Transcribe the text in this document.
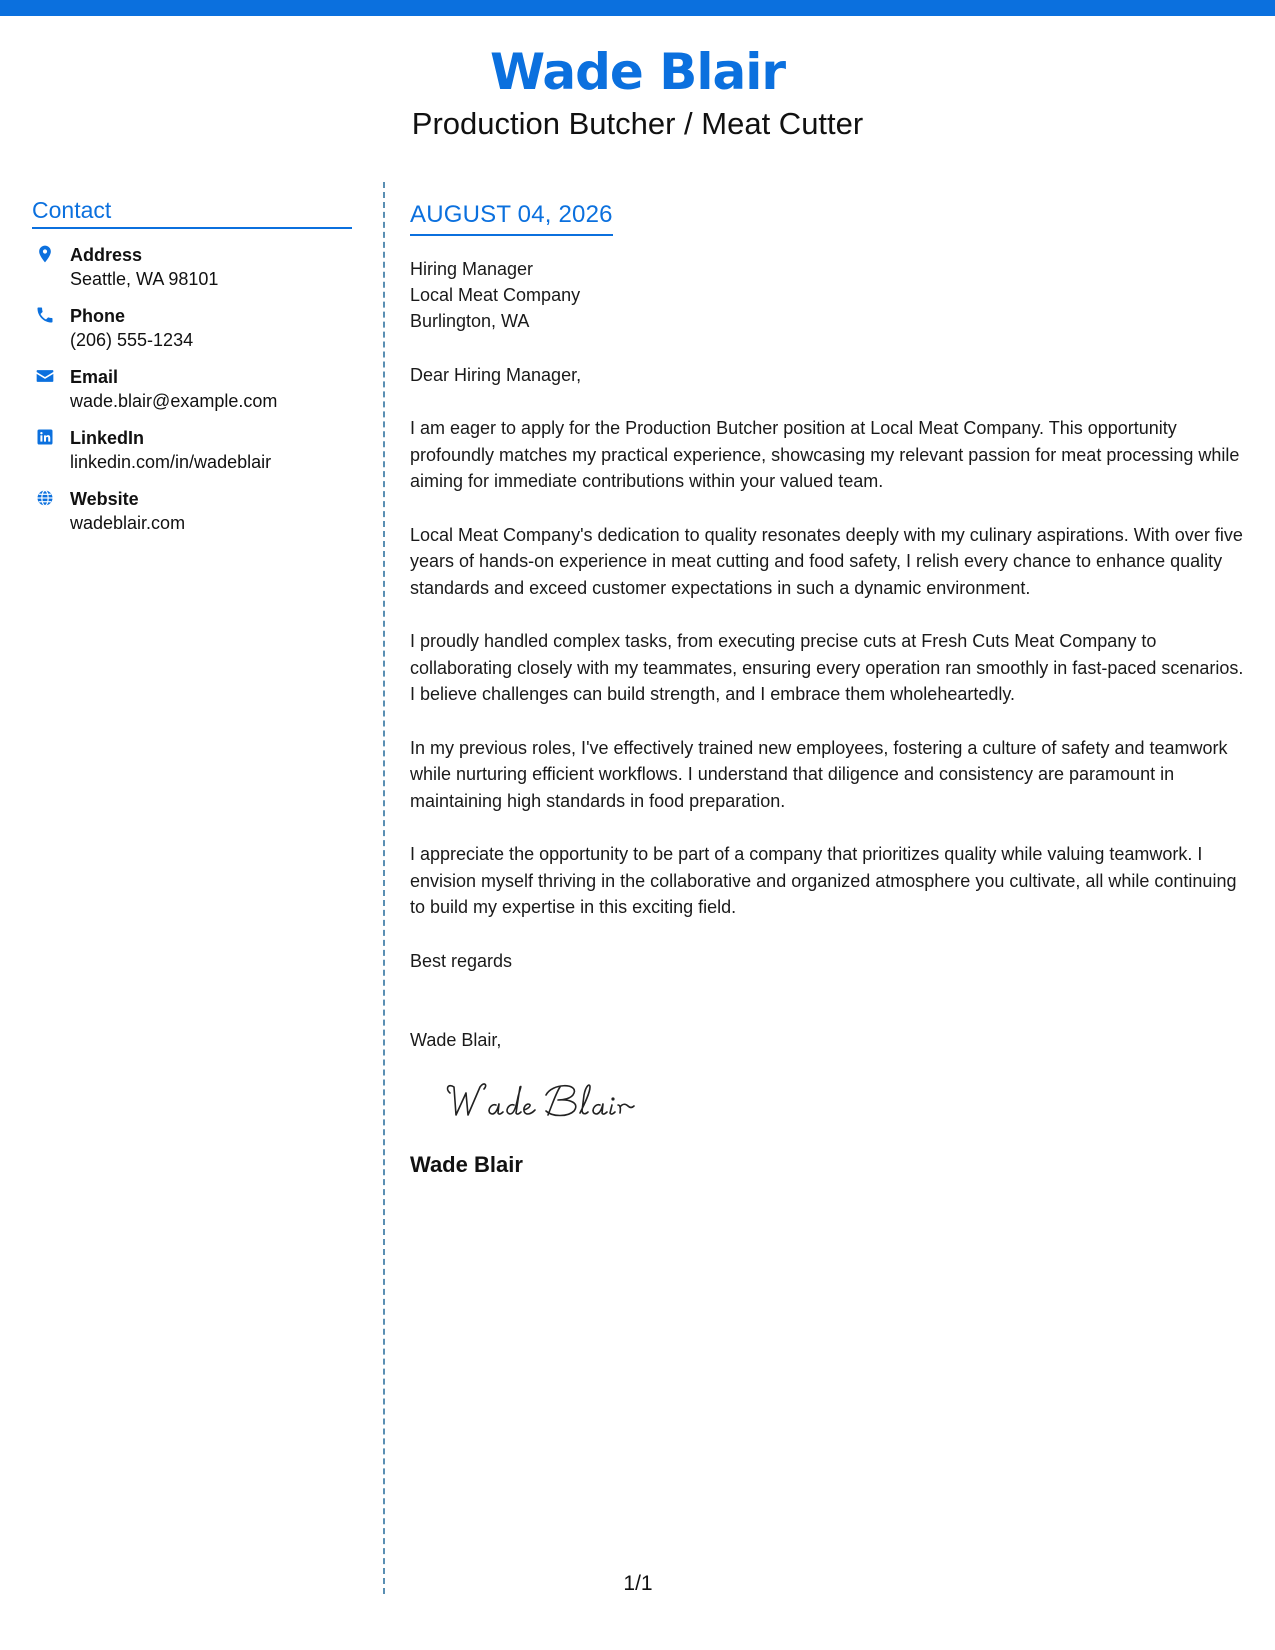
Wade Blair
Production Butcher / Meat Cutter
Contact
Address
Seattle, WA 98101
Phone
(206) 555-1234
Email
wade.blair@example.com
LinkedIn
linkedin.com/in/wadeblair
Website
wadeblair.com
AUGUST 04, 2026
Hiring Manager
Local Meat Company
Burlington, WA
Dear Hiring Manager,
I am eager to apply for the Production Butcher position at Local Meat Company. This opportunity profoundly matches my practical experience, showcasing my relevant passion for meat processing while aiming for immediate contributions within your valued team.
Local Meat Company's dedication to quality resonates deeply with my culinary aspirations. With over five years of hands-on experience in meat cutting and food safety, I relish every chance to enhance quality standards and exceed customer expectations in such a dynamic environment.
I proudly handled complex tasks, from executing precise cuts at Fresh Cuts Meat Company to collaborating closely with my teammates, ensuring every operation ran smoothly in fast-paced scenarios. I believe challenges can build strength, and I embrace them wholeheartedly.
In my previous roles, I've effectively trained new employees, fostering a culture of safety and teamwork while nurturing efficient workflows. I understand that diligence and consistency are paramount in maintaining high standards in food preparation.
I appreciate the opportunity to be part of a company that prioritizes quality while valuing teamwork. I envision myself thriving in the collaborative and organized atmosphere you cultivate, all while continuing to build my expertise in this exciting field.
Best regards
Wade Blair,
Wade Blair
1/1
